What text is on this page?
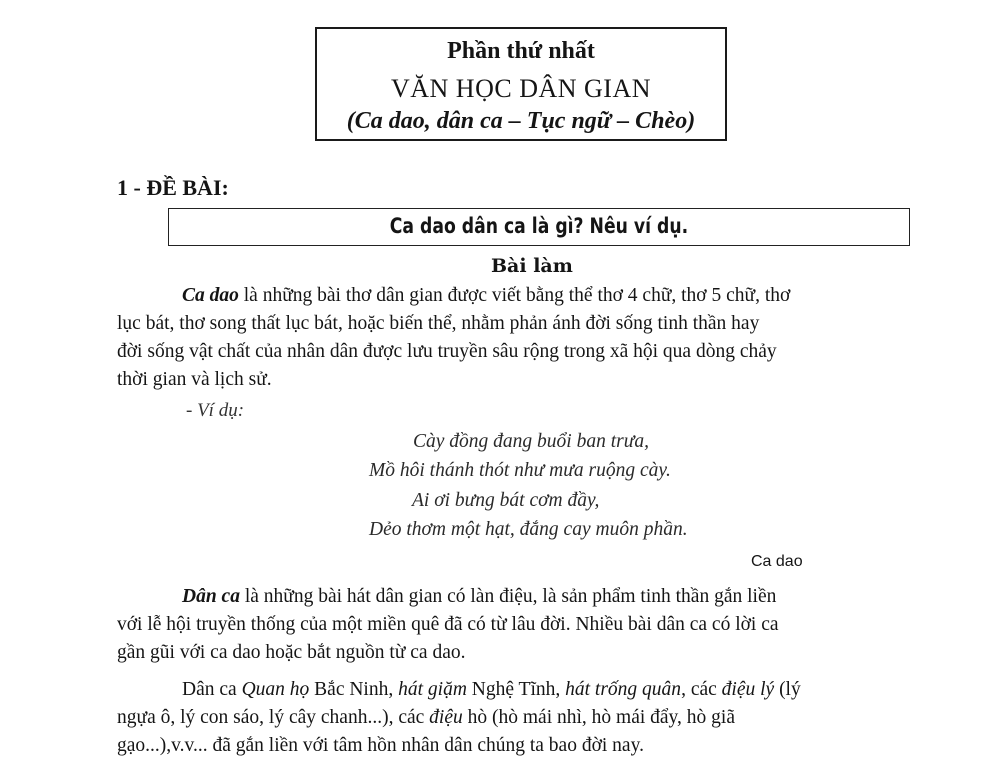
Phần thứ nhất
VĂN HỌC DÂN GIAN
(Ca dao, dân ca – Tục ngữ – Chèo)
1 - ĐỀ BÀI:
Ca dao dân ca là gì? Nêu ví dụ.
Bài làm
Ca dao là những bài thơ dân gian được viết bằng thể thơ 4 chữ, thơ 5 chữ, thơ
lục bát, thơ song thất lục bát, hoặc biến thể, nhằm phản ánh đời sống tinh thần hay
đời sống vật chất của nhân dân được lưu truyền sâu rộng trong xã hội qua dòng chảy
thời gian và lịch sử.
- Ví dụ:
Cày đồng đang buổi ban trưa,
Mồ hôi thánh thót như mưa ruộng cày.
Ai ơi bưng bát cơm đầy,
Dẻo thơm một hạt, đắng cay muôn phần.
Ca dao
Dân ca là những bài hát dân gian có làn điệu, là sản phẩm tinh thần gắn liền
với lễ hội truyền thống của một miền quê đã có từ lâu đời. Nhiều bài dân ca có lời ca
gần gũi với ca dao hoặc bắt nguồn từ ca dao.
Dân ca Quan họ Bắc Ninh, hát giặm Nghệ Tĩnh, hát trống quân, các điệu lý (lý
ngựa ô, lý con sáo, lý cây chanh...), các điệu hò (hò mái nhì, hò mái đẩy, hò giã
gạo...),v.v... đã gắn liền với tâm hồn nhân dân chúng ta bao đời nay.
